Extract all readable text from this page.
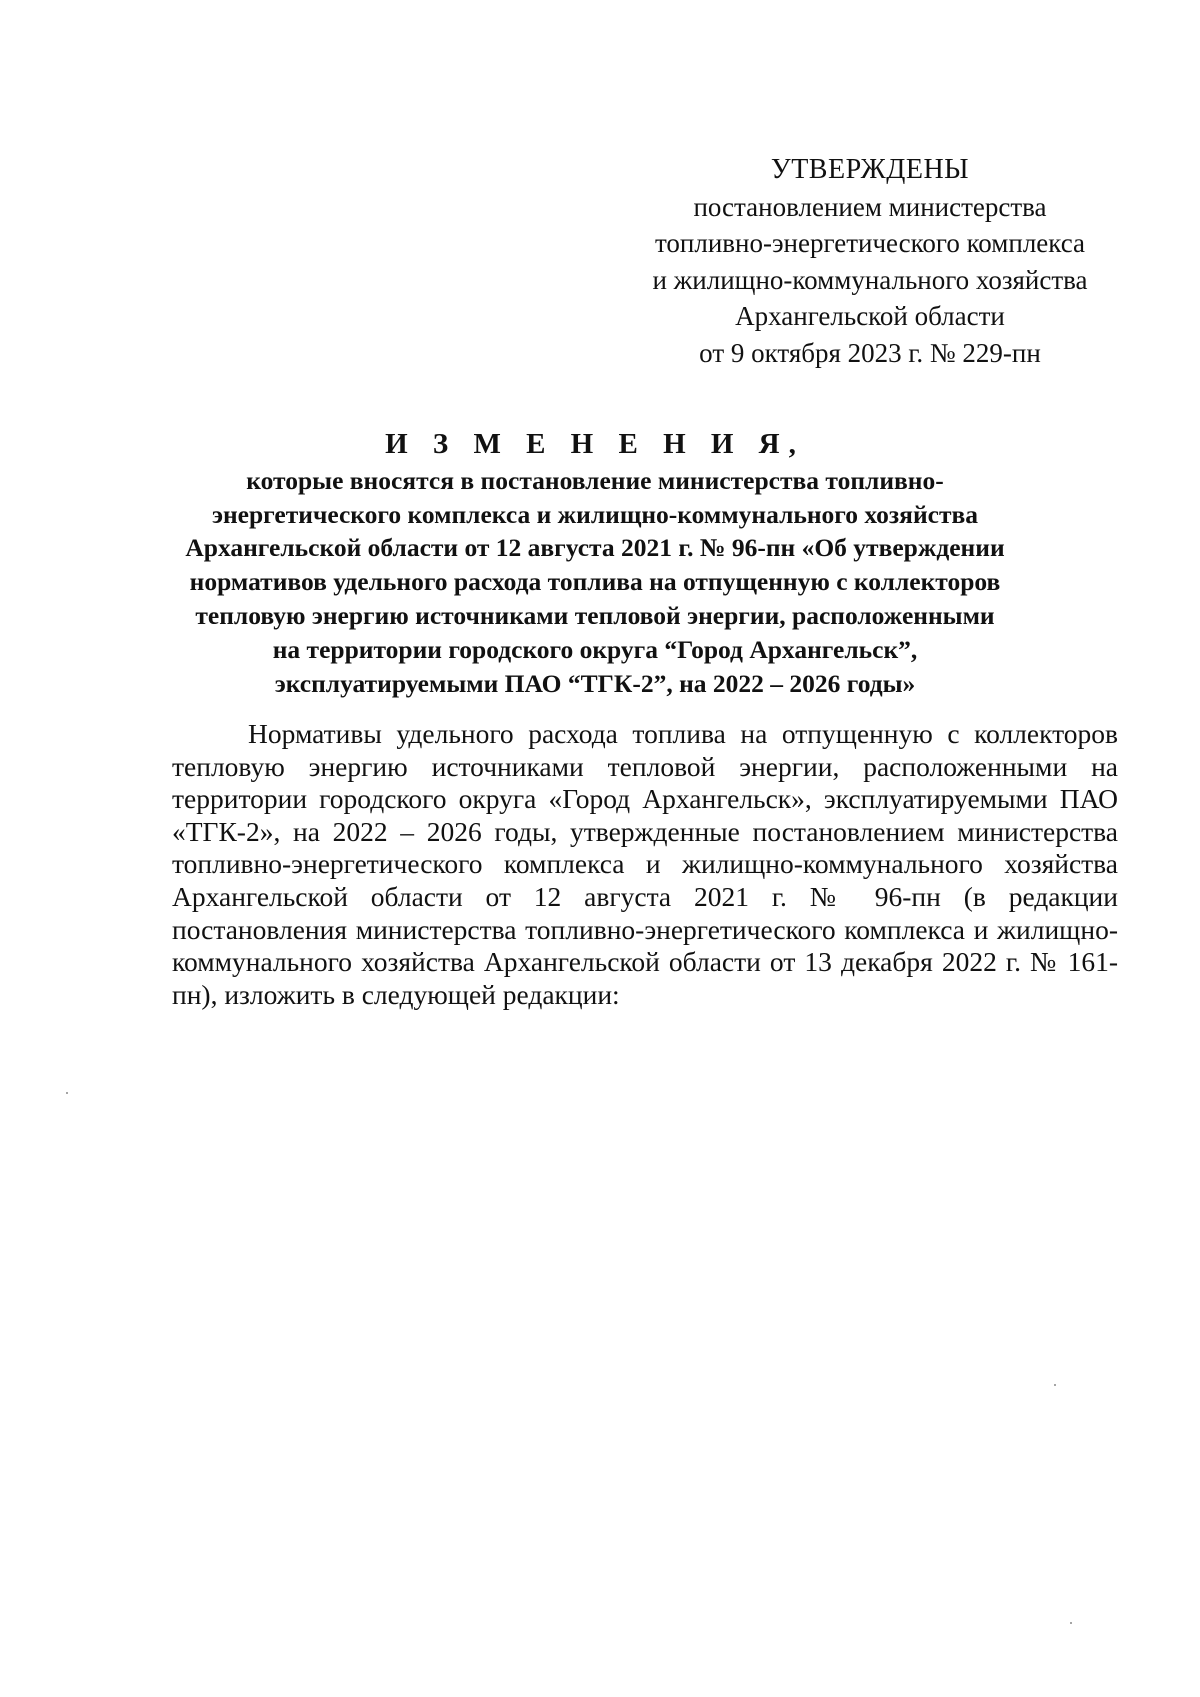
УТВЕРЖДЕНЫ
постановлением министерства
топливно-энергетического комплекса
и жилищно-коммунального хозяйства
Архангельской области
от 9 октября 2023 г. № 229-пн
И З М Е Н Е Н И Я,
которые вносятся в постановление министерства топливно-
энергетического комплекса и жилищно-коммунального хозяйства
Архангельской области от 12 августа 2021 г. № 96-пн «Об утверждении
нормативов удельного расхода топлива на отпущенную с коллекторов
тепловую энергию источниками тепловой энергии, расположенными
на территории городского округа “Город Архангельск”,
эксплуатируемыми ПАО “ТГК-2”, на 2022 – 2026 годы»

Нормативы удельного расхода топлива на отпущенную с коллекторов тепловую энергию источниками тепловой энергии, расположенными на территории городского округа «Город Архангельск», эксплуатируемыми ПАО «ТГК-2», на 2022 – 2026 годы, утвержденные постановлением министерства топливно-энергетического комплекса и жилищно-коммунального хозяйства Архангельской области от 12 августа 2021 г. № 96-пн (в редакции постановления министерства топливно-энергетического комплекса и жилищно-коммунального хозяйства Архангельской области от 13 декабря 2022 г. № 161-пн), изложить в следующей редакции:
